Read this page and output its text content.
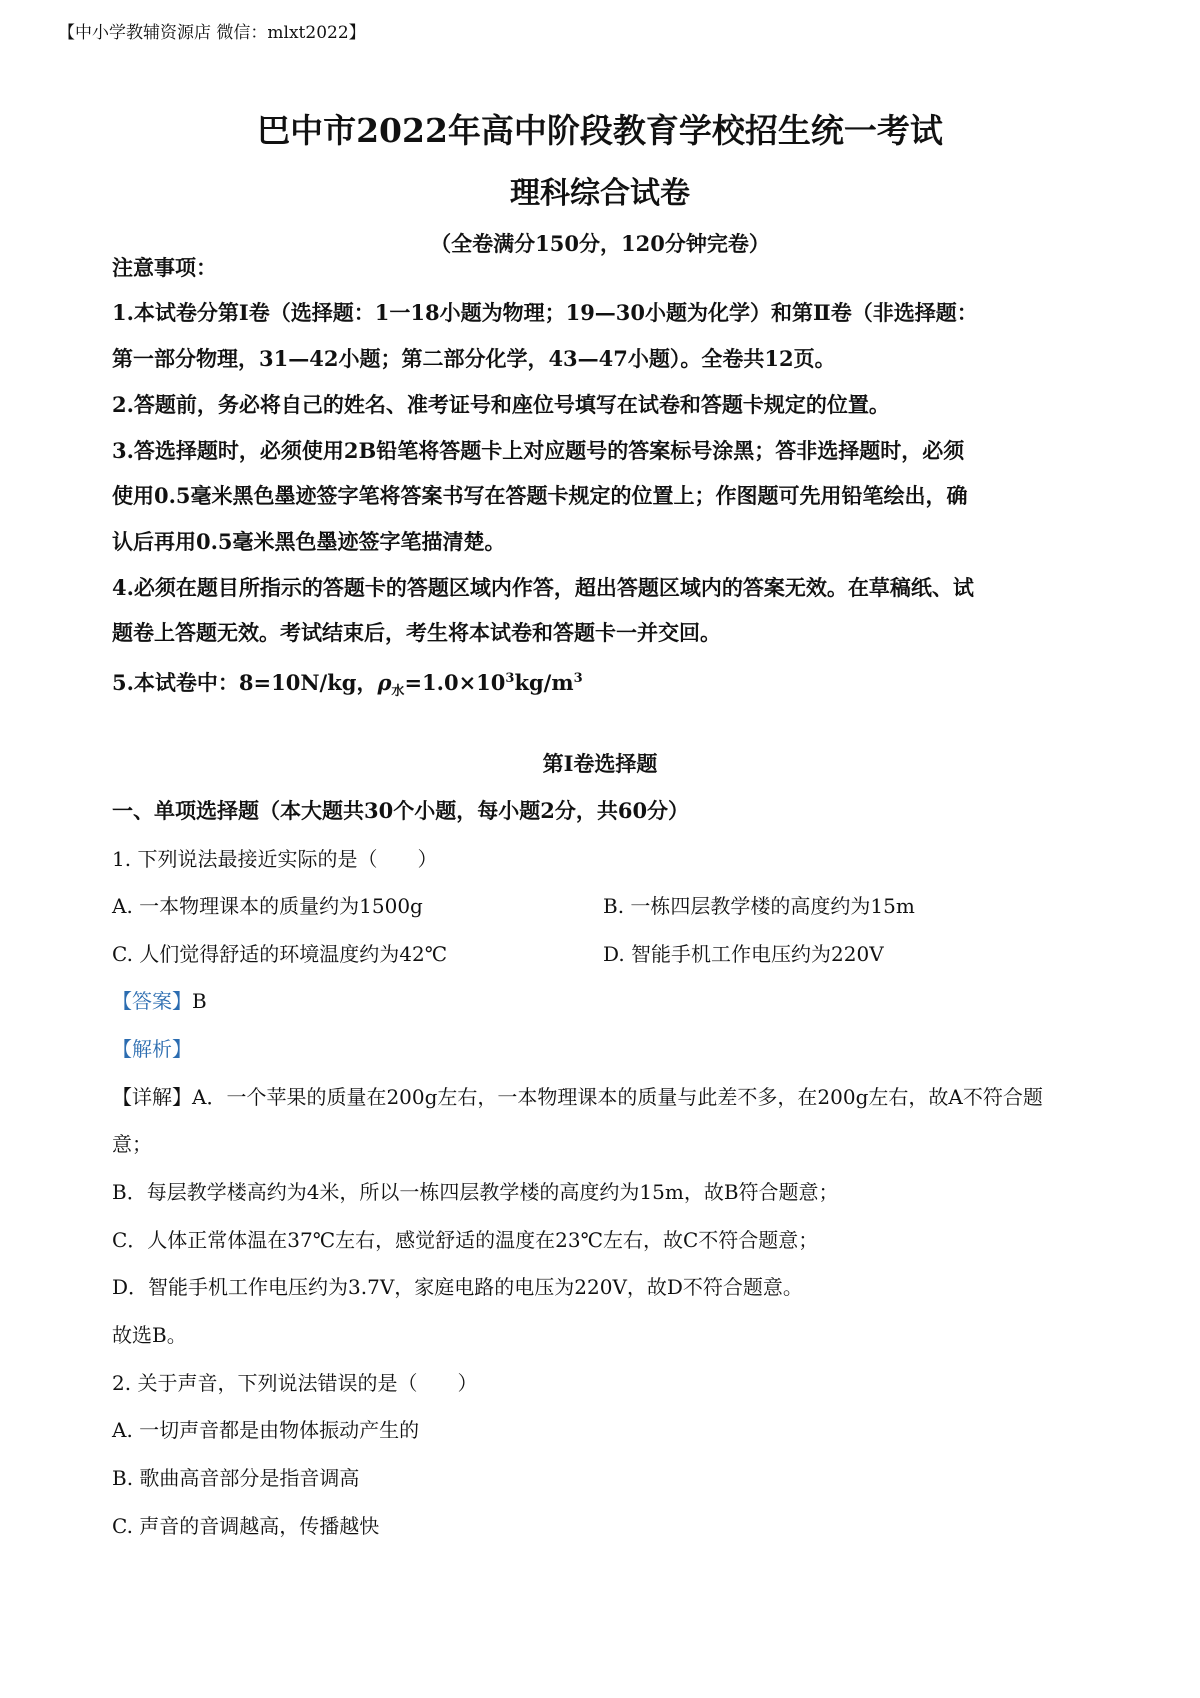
【中小学教辅资源店 微信：mlxt2022】
巴中市2022年高中阶段教育学校招生统一考试
理科综合试卷
（全卷满分150分，120分钟完卷）
注意事项：
1.本试卷分第Ⅰ卷（选择题：1一18小题为物理；19—30小题为化学）和第Ⅱ卷（非选择题：
第一部分物理，31—42小题；第二部分化学，43—47小题）。全卷共12页。
2.答题前，务必将自己的姓名、准考证号和座位号填写在试卷和答题卡规定的位置。
3.答选择题时，必须使用2B铅笔将答题卡上对应题号的答案标号涂黑；答非选择题时，必须
使用0.5毫米黑色墨迹签字笔将答案书写在答题卡规定的位置上；作图题可先用铅笔绘出，确
认后再用0.5毫米黑色墨迹签字笔描清楚。
4.必须在题目所指示的答题卡的答题区域内作答，超出答题区域内的答案无效。在草稿纸、试
题卷上答题无效。考试结束后，考生将本试卷和答题卡一并交回。
5.本试卷中：8=10N/kg，$\rho_水=1.0\times 10^3kg/m^3$
第Ⅰ卷选择题
一、单项选择题（本大题共30个小题，每小题2分，共60分）
1. 下列说法最接近实际的是（　　）
A. 一本物理课本的质量约为1500g	B. 一栋四层教学楼的高度约为15m
C. 人们觉得舒适的环境温度约为42℃	D. 智能手机工作电压约为220V
【答案】B
【解析】
【详解】A．一个苹果的质量在200g左右，一本物理课本的质量与此差不多，在200g左右，故A不符合题
意；
B．每层教学楼高约为4米，所以一栋四层教学楼的高度约为15m，故B符合题意；
C．人体正常体温在37℃左右，感觉舒适的温度在23℃左右，故C不符合题意；
D．智能手机工作电压约为3.7V，家庭电路的电压为220V，故D不符合题意。
故选B。
2. 关于声音，下列说法错误的是（　　）
A. 一切声音都是由物体振动产生的
B. 歌曲高音部分是指音调高
C. 声音的音调越高，传播越快
